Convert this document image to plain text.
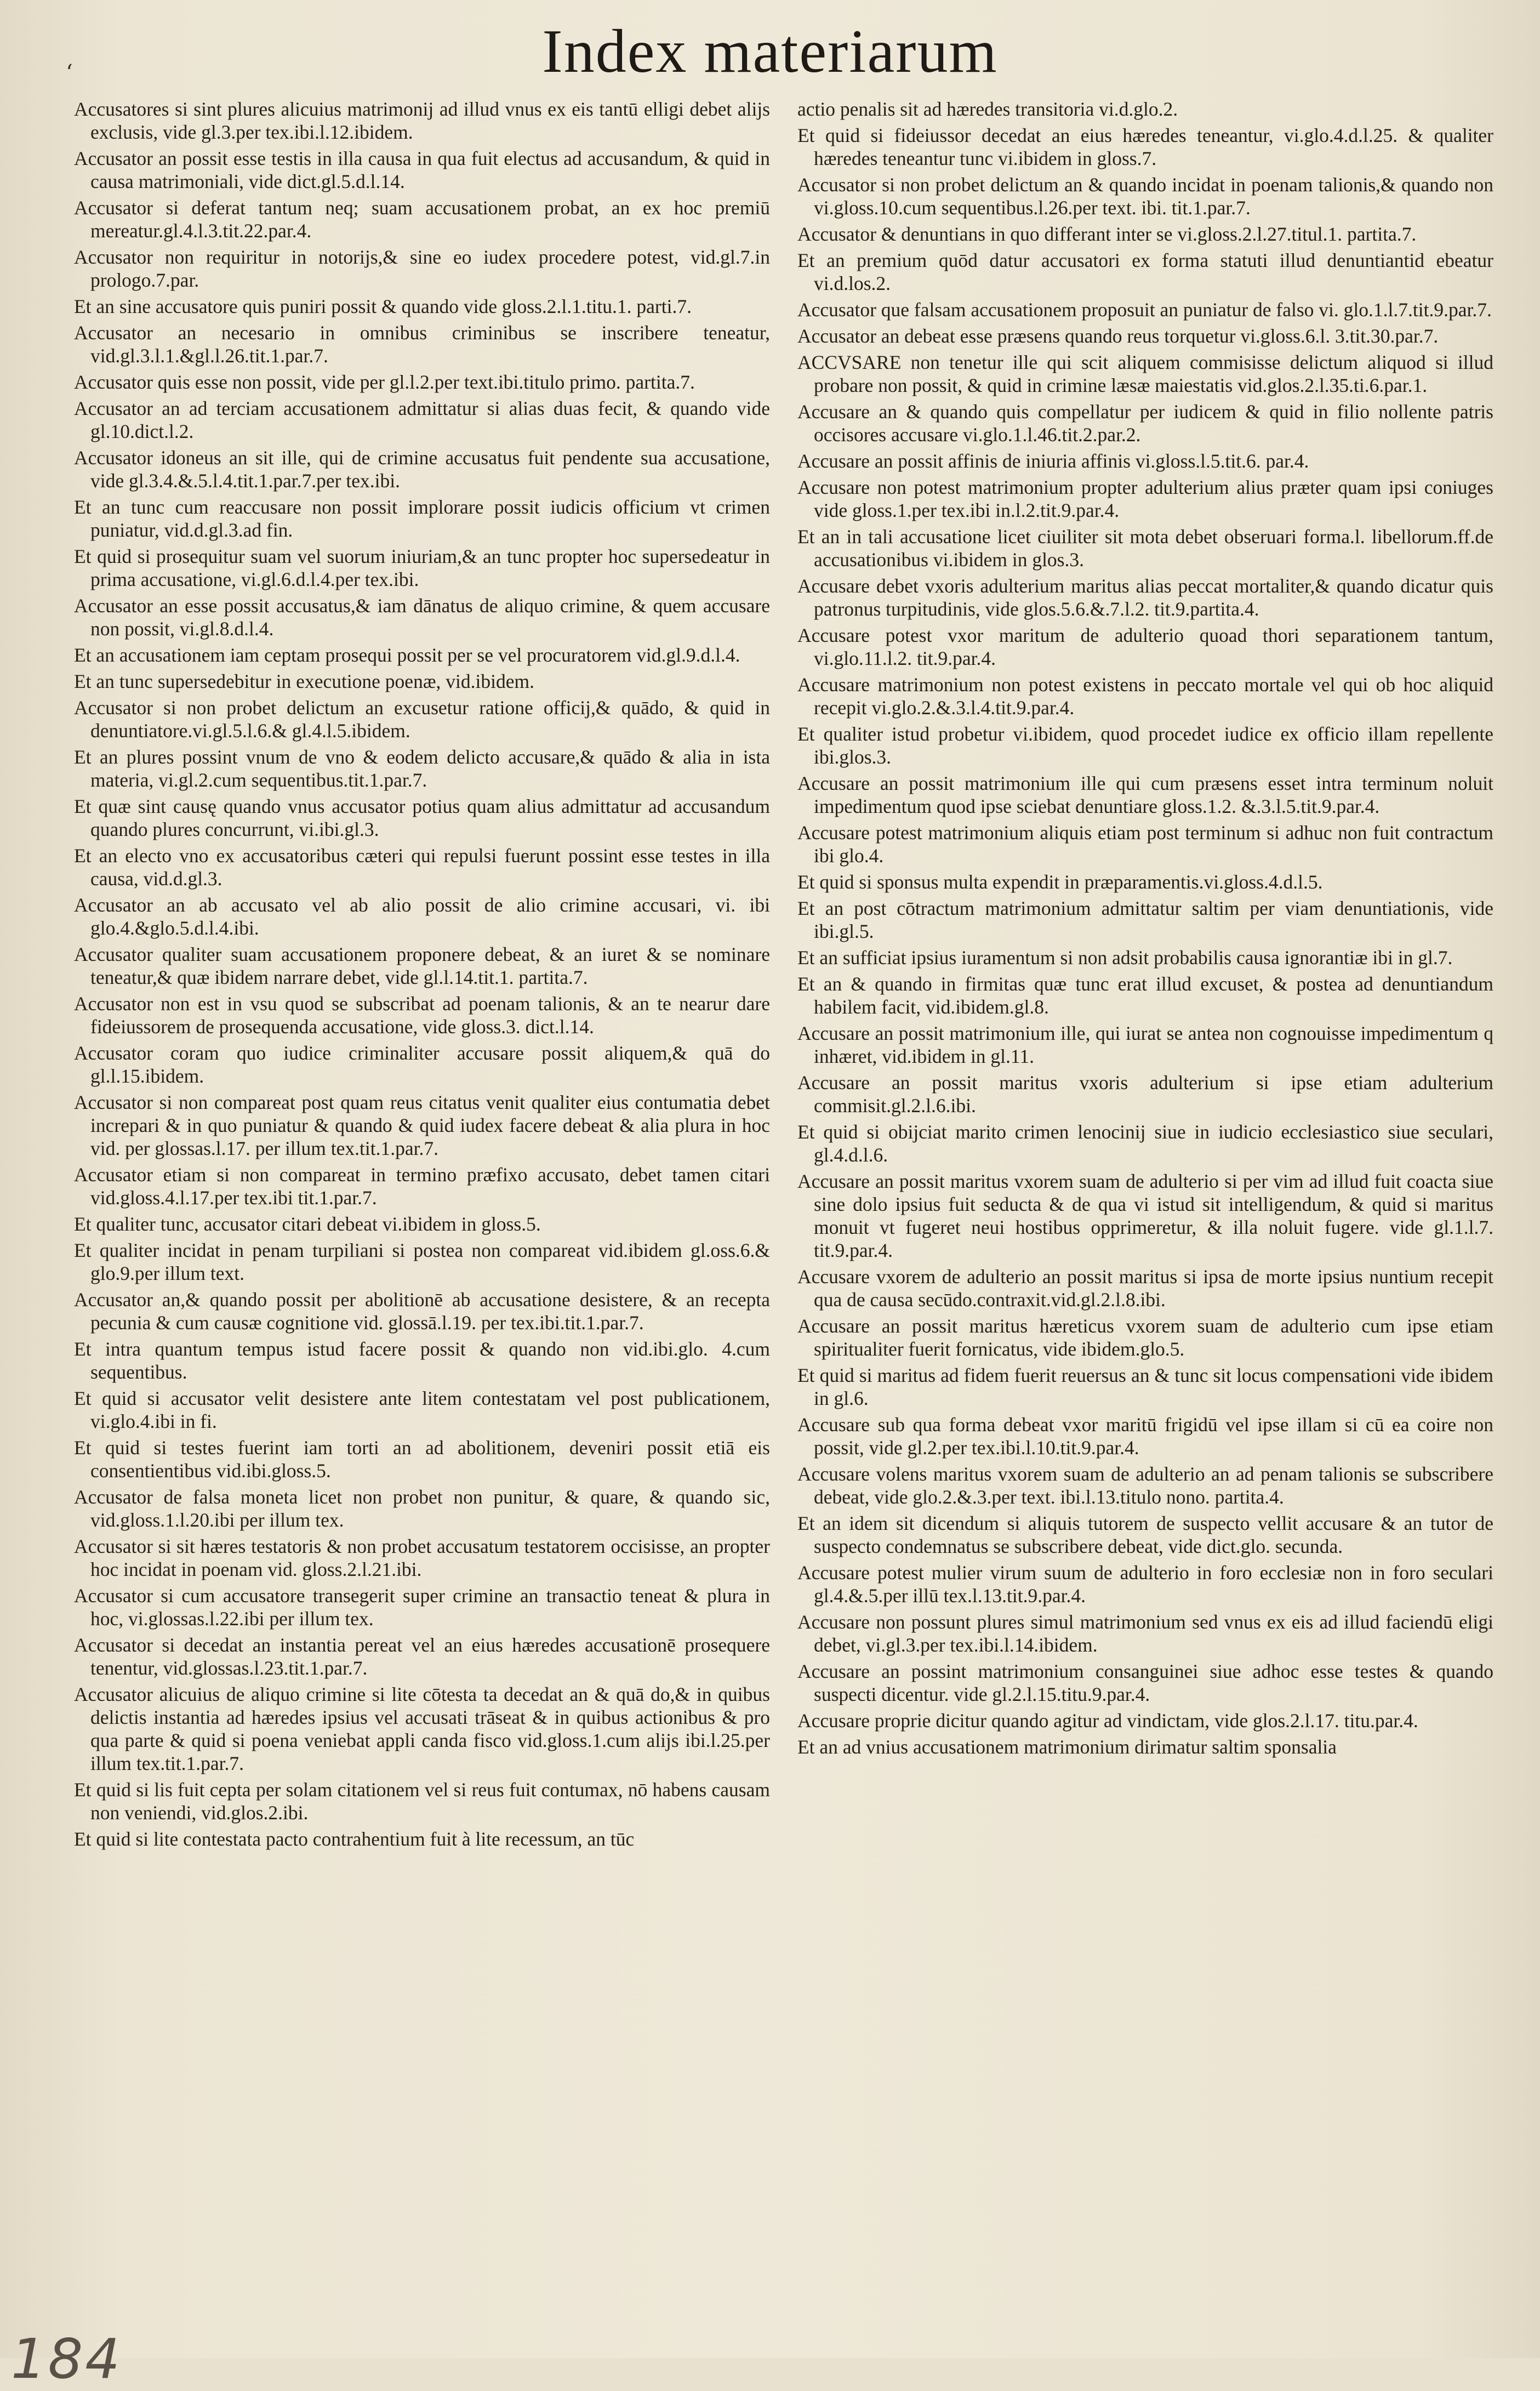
Index materiarum
ʻ

Accusatores si sint plures alicuius matrimonij ad illud vnus ex eis tantū elligi debet alijs exclusis, vide gl.3.per tex.ibi.l.12.ibidem.

Accusator an possit esse testis in illa causa in qua fuit electus ad accusandum, & quid in causa matrimoniali, vide dict.gl.5.d.l.14.

Accusator si deferat tantum neq; suam accusationem probat, an ex hoc premiū mereatur.gl.4.l.3.tit.22.par.4.

Accusator non requiritur in notorijs,& sine eo iudex procedere potest, vid.gl.7.in prologo.7.par.

Et an sine accusatore quis puniri possit & quando vide gloss.2.l.1.titu.1. parti.7.

Accusator an necesario in omnibus criminibus se inscribere teneatur, vid.gl.3.l.1.&gl.l.26.tit.1.par.7.

Accusator quis esse non possit, vide per gl.l.2.per text.ibi.titulo primo. partita.7.

Accusator an ad terciam accusationem admittatur si alias duas fecit, & quando vide gl.10.dict.l.2.

Accusator idoneus an sit ille, qui de crimine accusatus fuit pendente sua accusatione, vide gl.3.4.&.5.l.4.tit.1.par.7.per tex.ibi.

Et an tunc cum reaccusare non possit implorare possit iudicis officium vt crimen puniatur, vid.d.gl.3.ad fin.

Et quid si prosequitur suam vel suorum iniuriam,& an tunc propter hoc supersedeatur in prima accusatione, vi.gl.6.d.l.4.per tex.ibi.

Accusator an esse possit accusatus,& iam dānatus de aliquo crimine, & quem accusare non possit, vi.gl.8.d.l.4.

Et an accusationem iam ceptam prosequi possit per se vel procuratorem vid.gl.9.d.l.4.

Et an tunc supersedebitur in executione poenæ, vid.ibidem.

Accusator si non probet delictum an excusetur ratione officij,& quādo, & quid in denuntiatore.vi.gl.5.l.6.& gl.4.l.5.ibidem.

Et an plures possint vnum de vno & eodem delicto accusare,& quādo & alia in ista materia, vi.gl.2.cum sequentibus.tit.1.par.7.

Et quæ sint causę quando vnus accusator potius quam alius admittatur ad accusandum quando plures concurrunt, vi.ibi.gl.3.

Et an electo vno ex accusatoribus cæteri qui repulsi fuerunt possint esse testes in illa causa, vid.d.gl.3.

Accusator an ab accusato vel ab alio possit de alio crimine accusari, vi. ibi glo.4.&glo.5.d.l.4.ibi.

Accusator qualiter suam accusationem proponere debeat, & an iuret & se nominare teneatur,& quæ ibidem narrare debet, vide gl.l.14.tit.1. partita.7.

Accusator non est in vsu quod se subscribat ad poenam talionis, & an te nearur dare fideiussorem de prosequenda accusatione, vide gloss.3. dict.l.14.

Accusator coram quo iudice criminaliter accusare possit aliquem,& quā do gl.l.15.ibidem.

Accusator si non compareat post quam reus citatus venit qualiter eius contumatia debet increpari & in quo puniatur & quando & quid iudex facere debeat & alia plura in hoc vid. per glossas.l.17. per illum tex.tit.1.par.7.

Accusator etiam si non compareat in termino præfixo accusato, debet tamen citari vid.gloss.4.l.17.per tex.ibi tit.1.par.7.

Et qualiter tunc, accusator citari debeat vi.ibidem in gloss.5.

Et qualiter incidat in penam turpiliani si postea non compareat vid.ibidem gl.oss.6.& glo.9.per illum text.

Accusator an,& quando possit per abolitionē ab accusatione desistere, & an recepta pecunia & cum causæ cognitione vid. glossā.l.19. per tex.ibi.tit.1.par.7.

Et intra quantum tempus istud facere possit & quando non vid.ibi.glo. 4.cum sequentibus.

Et quid si accusator velit desistere ante litem contestatam vel post publicationem, vi.glo.4.ibi in fi.

Et quid si testes fuerint iam torti an ad abolitionem, deveniri possit etiā eis consentientibus vid.ibi.gloss.5.

Accusator de falsa moneta licet non probet non punitur, & quare, & quando sic, vid.gloss.1.l.20.ibi per illum tex.

Accusator si sit hæres testatoris & non probet accusatum testatorem occisisse, an propter hoc incidat in poenam vid. gloss.2.l.21.ibi.

Accusator si cum accusatore transegerit super crimine an transactio teneat & plura in hoc, vi.glossas.l.22.ibi per illum tex.

Accusator si decedat an instantia pereat vel an eius hæredes accusationē prosequere tenentur, vid.glossas.l.23.tit.1.par.7.

Accusator alicuius de aliquo crimine si lite cōtesta ta decedat an & quā do,& in quibus delictis instantia ad hæredes ipsius vel accusati trāseat & in quibus actionibus & pro qua parte & quid si poena veniebat appli canda fisco vid.gloss.1.cum alijs ibi.l.25.per illum tex.tit.1.par.7.

Et quid si lis fuit cepta per solam citationem vel si reus fuit contumax, nō habens causam non veniendi, vid.glos.2.ibi.

Et quid si lite contestata pacto contrahentium fuit à lite recessum, an tūc

actio penalis sit ad hæredes transitoria vi.d.glo.2.

Et quid si fideiussor decedat an eius hæredes teneantur, vi.glo.4.d.l.25. & qualiter hæredes teneantur tunc vi.ibidem in gloss.7.

Accusator si non probet delictum an & quando incidat in poenam talionis,& quando non vi.gloss.10.cum sequentibus.l.26.per text. ibi. tit.1.par.7.

Accusator & denuntians in quo differant inter se vi.gloss.2.l.27.titul.1. partita.7.

Et an premium quōd datur accusatori ex forma statuti illud denuntiantid ebeatur vi.d.los.2.

Accusator que falsam accusationem proposuit an puniatur de falso vi. glo.1.l.7.tit.9.par.7.

Accusator an debeat esse præsens quando reus torquetur vi.gloss.6.l. 3.tit.30.par.7.

ACCVSARE non tenetur ille qui scit aliquem commisisse delictum aliquod si illud probare non possit, & quid in crimine læsæ maiestatis vid.glos.2.l.35.ti.6.par.1.

Accusare an & quando quis compellatur per iudicem & quid in filio nollente patris occisores accusare vi.glo.1.l.46.tit.2.par.2.

Accusare an possit affinis de iniuria affinis vi.gloss.l.5.tit.6. par.4.

Accusare non potest matrimonium propter adulterium alius præter quam ipsi coniuges vide gloss.1.per tex.ibi in.l.2.tit.9.par.4.

Et an in tali accusatione licet ciuiliter sit mota debet obseruari forma.l. libellorum.ff.de accusationibus vi.ibidem in glos.3.

Accusare debet vxoris adulterium maritus alias peccat mortaliter,& quando dicatur quis patronus turpitudinis, vide glos.5.6.&.7.l.2. tit.9.partita.4.

Accusare potest vxor maritum de adulterio quoad thori separationem tantum, vi.glo.11.l.2. tit.9.par.4.

Accusare matrimonium non potest existens in peccato mortale vel qui ob hoc aliquid recepit vi.glo.2.&.3.l.4.tit.9.par.4.

Et qualiter istud probetur vi.ibidem, quod procedet iudice ex officio illam repellente ibi.glos.3.

Accusare an possit matrimonium ille qui cum præsens esset intra terminum noluit impedimentum quod ipse sciebat denuntiare gloss.1.2. &.3.l.5.tit.9.par.4.

Accusare potest matrimonium aliquis etiam post terminum si adhuc non fuit contractum ibi glo.4.

Et quid si sponsus multa expendit in præparamentis.vi.gloss.4.d.l.5.

Et an post cōtractum matrimonium admittatur saltim per viam denuntiationis, vide ibi.gl.5.

Et an sufficiat ipsius iuramentum si non adsit probabilis causa ignorantiæ ibi in gl.7.

Et an & quando in firmitas quæ tunc erat illud excuset, & postea ad denuntiandum habilem facit, vid.ibidem.gl.8.

Accusare an possit matrimonium ille, qui iurat se antea non cognouisse impedimentum q inhæret, vid.ibidem in gl.11.

Accusare an possit maritus vxoris adulterium si ipse etiam adulterium commisit.gl.2.l.6.ibi.

Et quid si obijciat marito crimen lenocinij siue in iudicio ecclesiastico siue seculari, gl.4.d.l.6.

Accusare an possit maritus vxorem suam de adulterio si per vim ad illud fuit coacta siue sine dolo ipsius fuit seducta & de qua vi istud sit intelligendum, & quid si maritus monuit vt fugeret neui hostibus opprimeretur, & illa noluit fugere. vide gl.1.l.7. tit.9.par.4.

Accusare vxorem de adulterio an possit maritus si ipsa de morte ipsius nuntium recepit qua de causa secūdo.contraxit.vid.gl.2.l.8.ibi.

Accusare an possit maritus hæreticus vxorem suam de adulterio cum ipse etiam spiritualiter fuerit fornicatus, vide ibidem.glo.5.

Et quid si maritus ad fidem fuerit reuersus an & tunc sit locus compensationi vide ibidem in gl.6.

Accusare sub qua forma debeat vxor maritū frigidū vel ipse illam si cū ea coire non possit, vide gl.2.per tex.ibi.l.10.tit.9.par.4.

Accusare volens maritus vxorem suam de adulterio an ad penam talionis se subscribere debeat, vide glo.2.&.3.per text. ibi.l.13.titulo nono. partita.4.

Et an idem sit dicendum si aliquis tutorem de suspecto vellit accusare & an tutor de suspecto condemnatus se subscribere debeat, vide dict.glo. secunda.

Accusare potest mulier virum suum de adulterio in foro ecclesiæ non in foro seculari gl.4.&.5.per illū tex.l.13.tit.9.par.4.

Accusare non possunt plures simul matrimonium sed vnus ex eis ad illud faciendū eligi debet, vi.gl.3.per tex.ibi.l.14.ibidem.

Accusare an possint matrimonium consanguinei siue adhoc esse testes & quando suspecti dicentur. vide gl.2.l.15.titu.9.par.4.

Accusare proprie dicitur quando agitur ad vindictam, vide glos.2.l.17. titu.par.4.

Et an ad vnius accusationem matrimonium dirimatur saltim sponsalia

184
